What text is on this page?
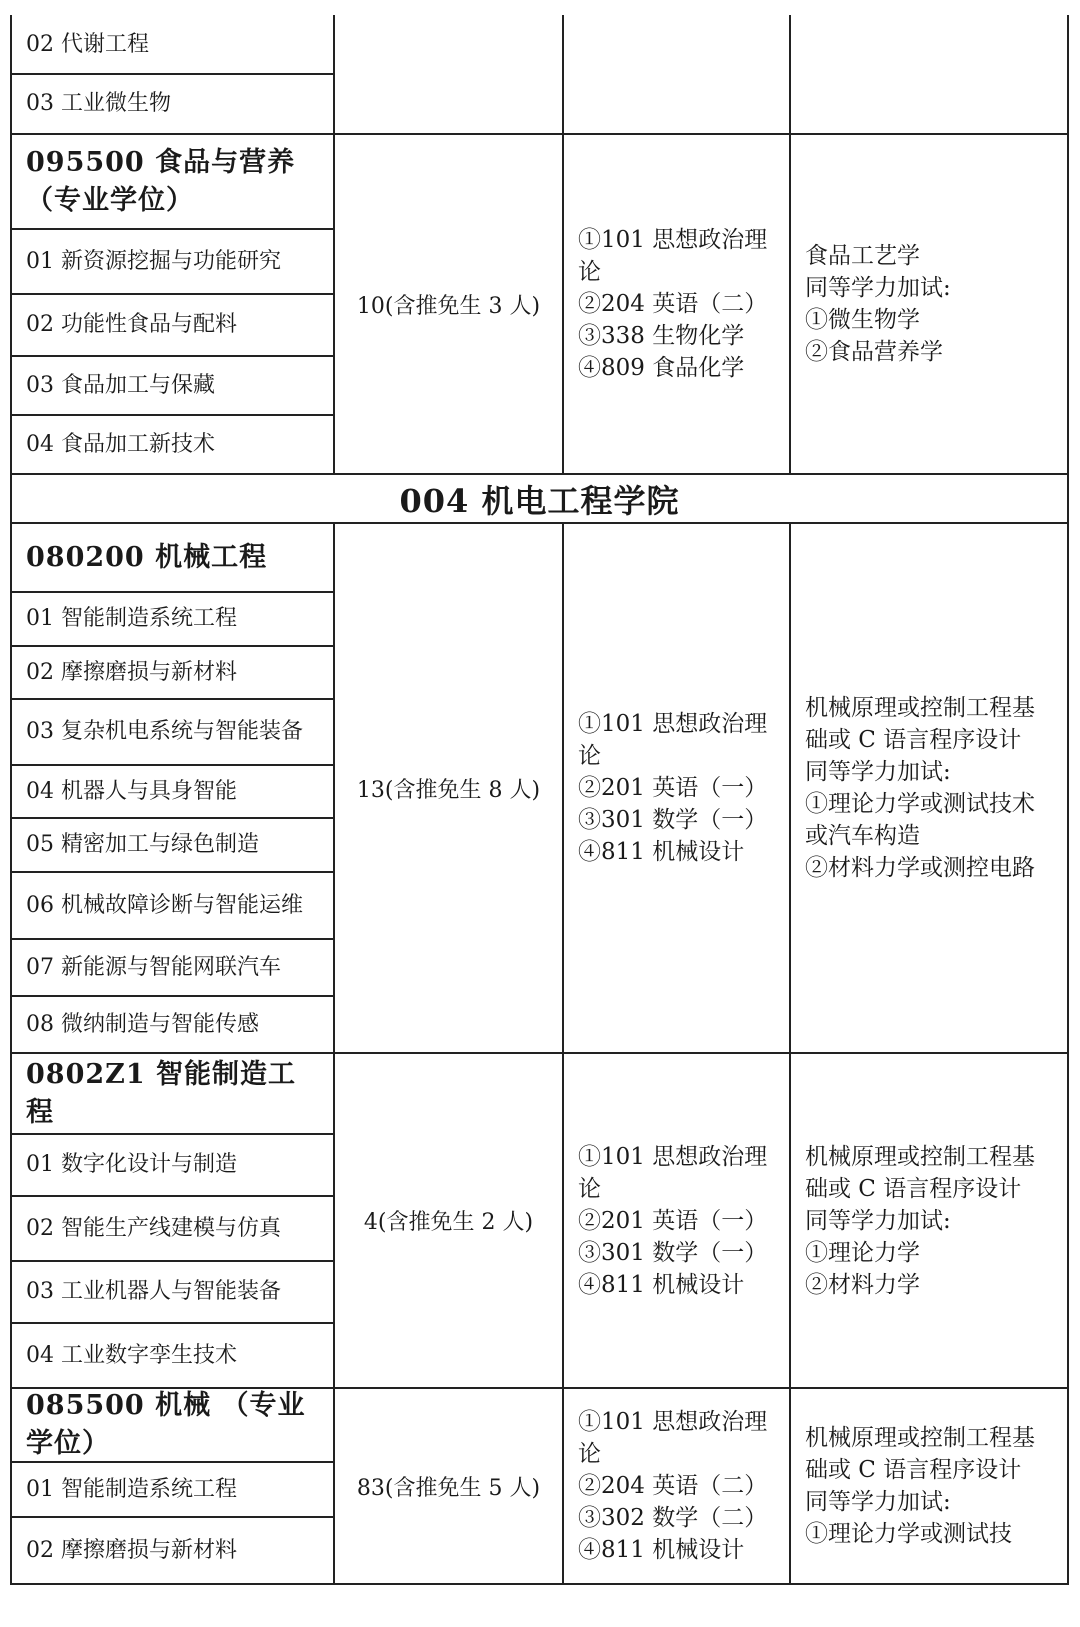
02 代谢工程
03 工业微生物
095500 食品与营养（专业学位）
01 新资源挖掘与功能研究
02 功能性食品与配料
03 食品加工与保藏
04 食品加工新技术
10(含推免生 3 人)

①101 思想政治理论

②204 英语（二）

③338 生物化学

④809 食品化学

食品工艺学

同等学力加试:

①微生物学

②食品营养学

004 机电工程学院
080200 机械工程
01 智能制造系统工程
02 摩擦磨损与新材料
03 复杂机电系统与智能装备
04 机器人与具身智能
05 精密加工与绿色制造
06 机械故障诊断与智能运维
07 新能源与智能网联汽车
08 微纳制造与智能传感
13(含推免生 8 人)

①101 思想政治理论

②201 英语（一）

③301 数学（一）

④811 机械设计

机械原理或控制工程基础或 C 语言程序设计

同等学力加试:

①理论力学或测试技术或汽车构造

②材料力学或测控电路

0802Z1 智能制造工程
01 数字化设计与制造
02 智能生产线建模与仿真
03 工业机器人与智能装备
04 工业数字孪生技术
4(含推免生 2 人)

①101 思想政治理论

②201 英语（一）

③301 数学（一）

④811 机械设计

机械原理或控制工程基础或 C 语言程序设计

同等学力加试:

①理论力学

②材料力学

085500 机械 （专业学位）
01 智能制造系统工程
02 摩擦磨损与新材料
83(含推免生 5 人)

①101 思想政治理论

②204 英语（二）

③302 数学（二）

④811 机械设计

机械原理或控制工程基础或 C 语言程序设计

同等学力加试:

①理论力学或测试技
